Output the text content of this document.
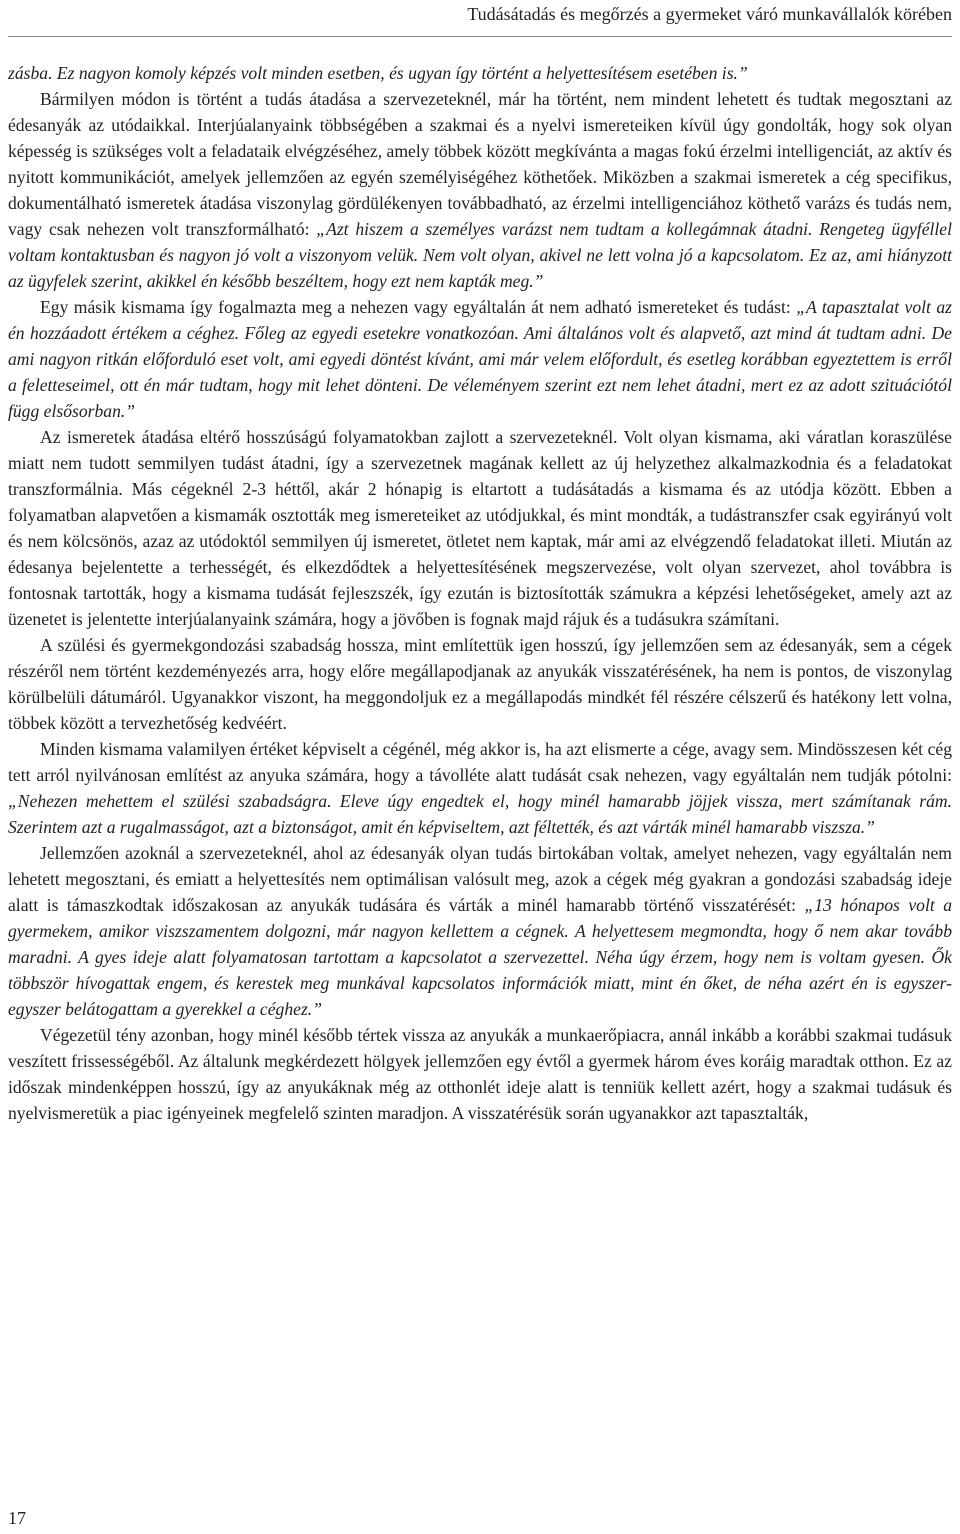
Tudásátadás és megőrzés a gyermeket váró munkavállalók körében

zásba. Ez nagyon komoly képzés volt minden esetben, és ugyan így történt a helyettesítésem esetében is.”

Bármilyen módon is történt a tudás átadása a szervezeteknél, már ha történt, nem mindent lehetett és tudtak megosztani az édesanyák az utódaikkal. Interjúalanyaink többségében a szakmai és a nyelvi ismereteiken kívül úgy gondolták, hogy sok olyan képesség is szükséges volt a feladataik elvégzéséhez, amely többek között megkívánta a magas fokú érzelmi intelligenciát, az aktív és nyitott kommunikációt, amelyek jellemzően az egyén személyiségéhez köthetőek. Miközben a szakmai ismeretek a cég specifikus, dokumentálható ismeretek átadása viszonylag gördülékenyen továbbadható, az érzelmi intelligenciához köthető varázs és tudás nem, vagy csak nehezen volt transzformálható: „Azt hiszem a személyes varázst nem tudtam a kollegámnak átadni. Rengeteg ügyféllel voltam kontaktusban és nagyon jó volt a viszonyom velük. Nem volt olyan, akivel ne lett volna jó a kapcsolatom. Ez az, ami hiányzott az ügyfelek szerint, akikkel én később beszéltem, hogy ezt nem kapták meg.”

Egy másik kismama így fogalmazta meg a nehezen vagy egyáltalán át nem adható ismereteket és tudást: „A tapasztalat volt az én hozzáadott értékem a céghez. Főleg az egyedi esetekre vonatkozóan. Ami általános volt és alapvető, azt mind át tudtam adni. De ami nagyon ritkán előforduló eset volt, ami egyedi döntést kívánt, ami már velem előfordult, és esetleg korábban egyeztettem is erről a feletteseimel, ott én már tudtam, hogy mit lehet dönteni. De véleményem szerint ezt nem lehet átadni, mert ez az adott szituációtól függ elsősorban.”

Az ismeretek átadása eltérő hosszúságú folyamatokban zajlott a szervezeteknél. Volt olyan kismama, aki váratlan koraszülése miatt nem tudott semmilyen tudást átadni, így a szervezetnek magának kellett az új helyzethez alkalmazkodnia és a feladatokat transzformálnia. Más cégeknél 2-3 héttől, akár 2 hónapig is eltartott a tudásátadás a kismama és az utódja között. Ebben a folyamatban alapvetően a kismamák osztották meg ismereteiket az utódjukkal, és mint mondták, a tudástranszfer csak egyirányú volt és nem kölcsönös, azaz az utódoktól semmilyen új ismeretet, ötletet nem kaptak, már ami az elvégzendő feladatokat illeti. Miután az édesanya bejelentette a terhességét, és elkezdődtek a helyettesítésének megszervezése, volt olyan szervezet, ahol továbbra is fontosnak tartották, hogy a kismama tudását fejleszszék, így ezután is biztosították számukra a képzési lehetőségeket, amely azt az üzenetet is jelentette interjúalanyaink számára, hogy a jövőben is fognak majd rájuk és a tudásukra számítani.

A szülési és gyermekgondozási szabadság hossza, mint említettük igen hosszú, így jellemzően sem az édesanyák, sem a cégek részéről nem történt kezdeményezés arra, hogy előre megállapodjanak az anyukák visszatérésének, ha nem is pontos, de viszonylag körülbelüli dátumáról. Ugyanakkor viszont, ha meggondoljuk ez a megállapodás mindkét fél részére célszerű és hatékony lett volna, többek között a tervezhetőség kedvéért.

Minden kismama valamilyen értéket képviselt a cégénél, még akkor is, ha azt elismerte a cége, avagy sem. Mindösszesen két cég tett arról nyilvánosan említést az anyuka számára, hogy a távolléte alatt tudását csak nehezen, vagy egyáltalán nem tudják pótolni: „Nehezen mehettem el szülési szabadságra. Eleve úgy engedtek el, hogy minél hamarabb jöjjek vissza, mert számítanak rám. Szerintem azt a rugalmasságot, azt a biztonságot, amit én képviseltem, azt féltették, és azt várták minél hamarabb viszsza.”

Jellemzően azoknál a szervezeteknél, ahol az édesanyák olyan tudás birtokában voltak, amelyet nehezen, vagy egyáltalán nem lehetett megosztani, és emiatt a helyettesítés nem optimálisan valósult meg, azok a cégek még gyakran a gondozási szabadság ideje alatt is támaszkodtak időszakosan az anyukák tudására és várták a minél hamarabb történő visszatérését: „13 hónapos volt a gyermekem, amikor viszszamentem dolgozni, már nagyon kellettem a cégnek. A helyettesem megmondta, hogy ő nem akar tovább maradni. A gyes ideje alatt folyamatosan tartottam a kapcsolatot a szervezettel. Néha úgy érzem, hogy nem is voltam gyesen. Ők többször hívogattak engem, és kerestek meg munkával kapcsolatos információk miatt, mint én őket, de néha azért én is egyszer-egyszer belátogattam a gyerekkel a céghez.”

Végezetül tény azonban, hogy minél később tértek vissza az anyukák a munkaerőpiacra, annál inkább a korábbi szakmai tudásuk veszített frissességéből. Az általunk megkérdezett hölgyek jellemzően egy évtől a gyermek három éves koráig maradtak otthon. Ez az időszak mindenképpen hosszú, így az anyukáknak még az otthonlét ideje alatt is tenniük kellett azért, hogy a szakmai tudásuk és nyelvismeretük a piac igényeinek megfelelő szinten maradjon. A visszatérésük során ugyanakkor azt tapasztalták,

17
